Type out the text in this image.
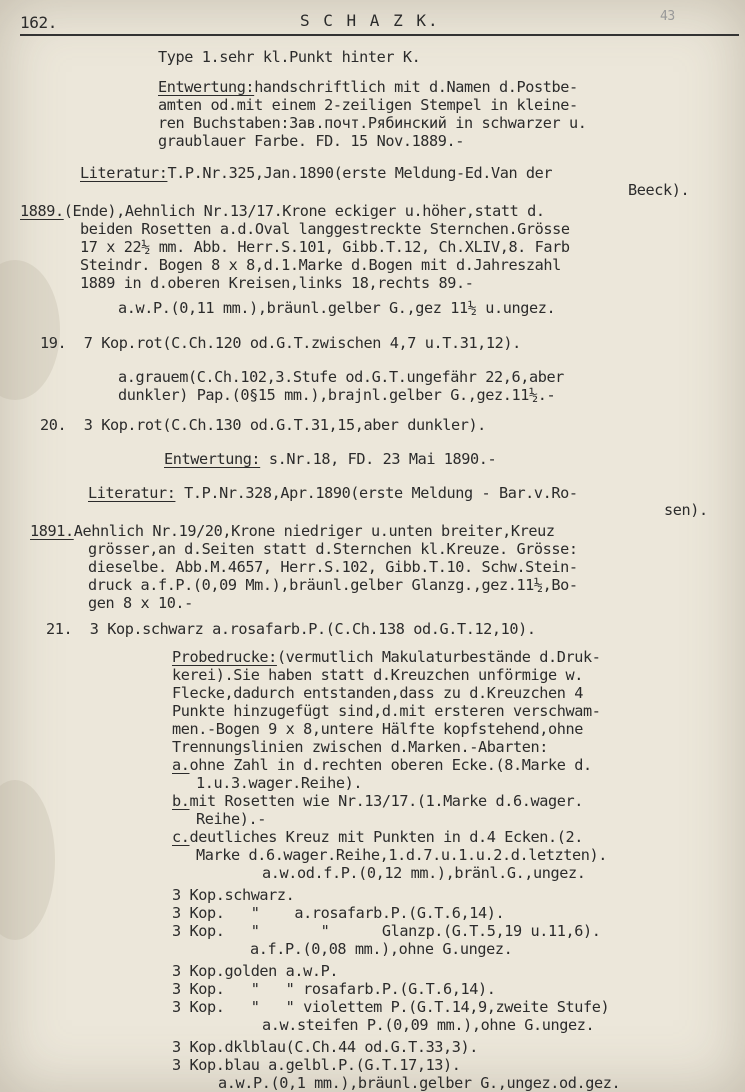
162.	S C H A Z K.	43
Type 1.sehr kl.Punkt hinter K.
Entwertung:handschriftlich mit d.Namen d.Postbe-
amten od.mit einem 2-zeiligen Stempel in kleine-
ren Buchstaben:3ав.почт.Рябинский in schwarzer u.
graublauer Farbe. FD. 15 Nov.1889.-
Literatur:T.P.Nr.325,Jan.1890(erste Meldung-Ed.Van der
Beeck).
1889.(Ende),Aehnlich Nr.13/17.Krone eckiger u.höher,statt d.
beiden Rosetten a.d.Oval langgestreckte Sternchen.Grösse
17 x 22½ mm. Abb. Herr.S.101, Gibb.T.12, Ch.XLIV,8. Farb
Steindr. Bogen 8 x 8,d.1.Marke d.Bogen mit d.Jahreszahl
1889 in d.oberen Kreisen,links 18,rechts 89.-
a.w.P.(0,11 mm.),bräunl.gelber G.,gez 11½ u.ungez.
19.  7 Kop.rot(C.Ch.120 od.G.T.zwischen 4,7 u.T.31,12).
a.grauem(C.Ch.102,3.Stufe od.G.T.ungefähr 22,6,aber
dunkler) Pap.(0§15 mm.),brajnl.gelber G.,gez.11½.-
20.  3 Kop.rot(C.Ch.130 od.G.T.31,15,aber dunkler).
Entwertung: s.Nr.18, FD. 23 Mai 1890.-
Literatur: T.P.Nr.328,Apr.1890(erste Meldung - Bar.v.Ro-
sen).
1891.Aehnlich Nr.19/20,Krone niedriger u.unten breiter,Kreuz
grösser,an d.Seiten statt d.Sternchen kl.Kreuze. Grösse:
dieselbe. Abb.M.4657, Herr.S.102, Gibb.T.10. Schw.Stein-
druck a.f.P.(0,09 Mm.),bräunl.gelber Glanzg.,gez.11½,Bo-
gen 8 x 10.-
21.  3 Kop.schwarz a.rosafarb.P.(C.Ch.138 od.G.T.12,10).
Probedrucke:(vermutlich Makulaturbestände d.Druk-
kerei).Sie haben statt d.Kreuzchen unförmige w.
Flecke,dadurch entstanden,dass zu d.Kreuzchen 4
Punkte hinzugefügt sind,d.mit ersteren verschwam-
men.-Bogen 9 x 8,untere Hälfte kopfstehend,ohne
Trennungslinien zwischen d.Marken.-Abarten:
a.ohne Zahl in d.rechten oberen Ecke.(8.Marke d.
1.u.3.wager.Reihe).
b.mit Rosetten wie Nr.13/17.(1.Marke d.6.wager.
Reihe).-
c.deutliches Kreuz mit Punkten in d.4 Ecken.(2.
Marke d.6.wager.Reihe,1.d.7.u.1.u.2.d.letzten).
a.w.od.f.P.(0,12 mm.),bränl.G.,ungez.
3 Kop.schwarz.
3 Kop.   "    a.rosafarb.P.(G.T.6,14).
3 Kop.   "       "      Glanzp.(G.T.5,19 u.11,6).
a.f.P.(0,08 mm.),ohne G.ungez.
3 Kop.golden a.w.P.
3 Kop.   "   " rosafarb.P.(G.T.6,14).
3 Kop.   "   " violettem P.(G.T.14,9,zweite Stufe)
a.w.steifen P.(0,09 mm.),ohne G.ungez.
3 Kop.dklblau(C.Ch.44 od.G.T.33,3).
3 Kop.blau a.gelbl.P.(G.T.17,13).
a.w.P.(0,1 mm.),bräunl.gelber G.,ungez.od.gez.
